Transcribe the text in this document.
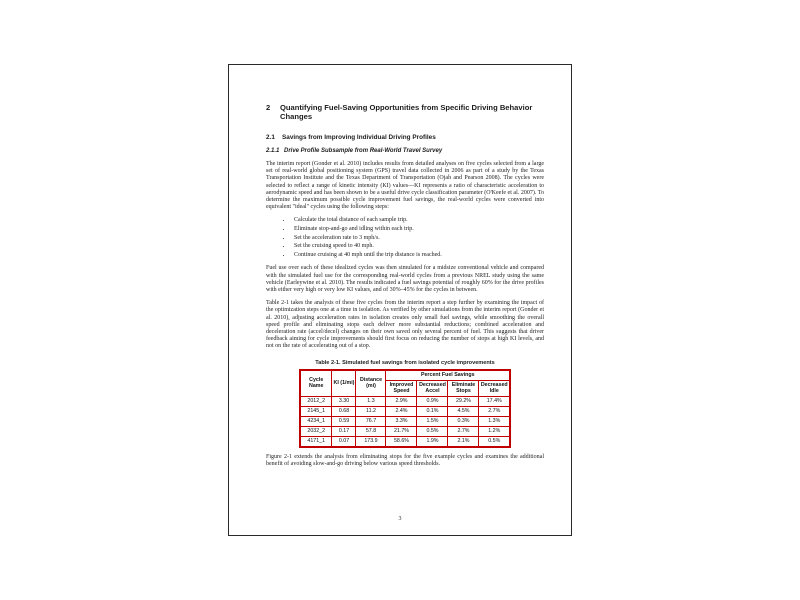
2	Quantifying Fuel-Saving Opportunities from Specific Driving Behavior Changes
2.1	Savings from Improving Individual Driving Profiles
2.1.1 Drive Profile Subsample from Real-World Travel Survey

The interim report (Gonder et al. 2010) includes results from detailed analyses on five cycles selected from a large set of real-world global positioning system (GPS) travel data collected in 2006 as part of a study by the Texas Transportation Institute and the Texas Department of Transportation (Ojah and Pearson 2008). The cycles were selected to reflect a range of kinetic intensity (KI) values—KI represents a ratio of characteristic acceleration to aerodynamic speed and has been shown to be a useful drive cycle classification parameter (O'Keefe et al. 2007). To determine the maximum possible cycle improvement fuel savings, the real-world cycles were converted into equivalent "ideal" cycles using the following steps:

• Calculate the total distance of each sample trip.
• Eliminate stop-and-go and idling within each trip.
• Set the acceleration rate to 3 mph/s.
• Set the cruising speed to 40 mph.
• Continue cruising at 40 mph until the trip distance is reached.

Fuel use over each of these idealized cycles was then simulated for a midsize conventional vehicle and compared with the simulated fuel use for the corresponding real-world cycles from a previous NREL study using the same vehicle (Earleywine et al. 2010). The results indicated a fuel savings potential of roughly 60% for the drive profiles with either very high or very low KI values, and of 30%–45% for the cycles in between.

Table 2-1 takes the analysis of these five cycles from the interim report a step further by examining the impact of the optimization steps one at a time in isolation. As verified by other simulations from the interim report (Gonder et al. 2010), adjusting acceleration rates in isolation creates only small fuel savings, while smoothing the overall speed profile and eliminating stops each deliver more substantial reductions; combined acceleration and deceleration rate (accel/decel) changes on their own saved only several percent of fuel. This suggests that driver feedback aiming for cycle improvements should first focus on reducing the number of stops at high KI levels, and not on the rate of accelerating out of a stop.

Table 2-1. Simulated fuel savings from isolated cycle improvements
Cycle Name	KI (1/mi)	Distance (mi)	Percent Fuel Savings			
			Improved Speed	Decreased Accel	Eliminate Stops	Decreased Idle
2012_2	3.30	1.3	2.9%	0.9%	29.2%	17.4%
2145_1	0.68	11.2	2.4%	0.1%	4.5%	2.7%
4234_1	0.59	76.7	3.3%	1.5%	0.3%	1.3%
2032_2	0.17	57.8	21.7%	0.5%	2.7%	1.2%
4171_1	0.07	173.9	58.6%	1.9%	2.1%	0.5%

Figure 2-1 extends the analysis from eliminating stops for the five example cycles and examines the additional benefit of avoiding slow-and-go driving below various speed thresholds.

3
